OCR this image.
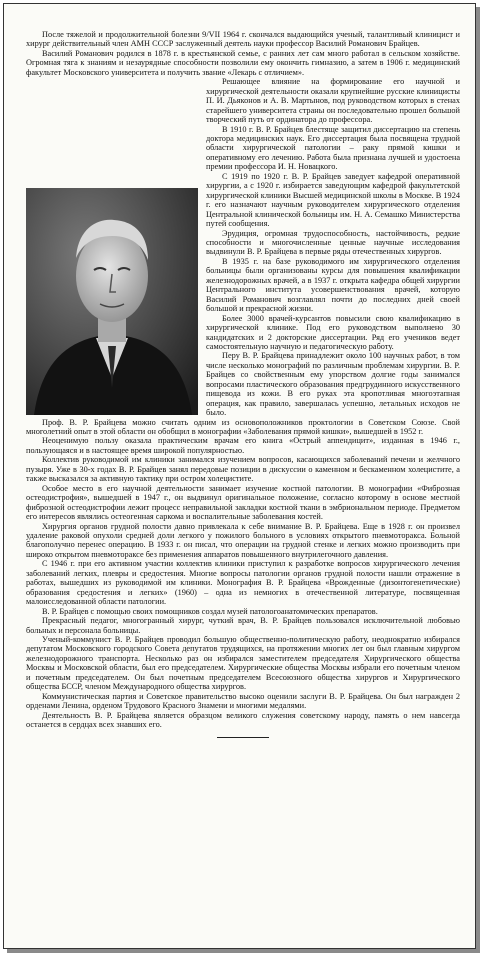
После тяжелой и продолжительной болезни 9/VII 1964 г. скончался выдающийся ученый, талантливый клиницист и хирург действительный член АМН СССР заслуженный деятель науки профессор Василий Романович Брайцев.

Василий Романович родился в 1878 г. в крестьянской семье, с ранних лет сам много работал в сельском хозяйстве. Огромная тяга к знаниям и незаурядные способности позволили ему окончить гимназию, а затем в 1906 г. медицинский факультет Московского университета и получить звание «Лекарь с отличием».

Решающее влияние на формирование его научной и хирургической деятельности оказали крупнейшие русские клиницисты П. И. Дьяконов и А. В. Мартынов, под руководством которых в стенах старейшего университета страны он последовательно прошел большой творческий путь от ординатора до профессора.

В 1910 г. В. Р. Брайцев блестяще защитил диссертацию на степень доктора медицинских наук. Его диссертация была посвящена трудной области хирургической патологии – раку прямой кишки и оперативному его лечению. Работа была признана лучшей и удостоена премии профессора И. Н. Новацкого.

С 1919 по 1920 г. В. Р. Брайцев заведует кафедрой оперативной хирургии, а с 1920 г. избирается заведующим кафедрой факультетской хирургической клиники Высшей медицинской школы в Москве. В 1924 г. его назначают научным руководителем хирургического отделения Центральной клинической больницы им. Н. А. Семашко Министерства путей сообщения.

Эрудиция, огромная трудоспособность, настойчивость, редкие способности и многочисленные ценные научные исследования выдвинули В. Р. Брайцева в первые ряды отечественных хирургов.

В 1935 г. на базе руководимого им хирургического отделения больницы были организованы курсы для повышения квалификации железнодорожных врачей, а в 1937 г. открыта кафедра общей хирургии Центрального института усовершенствования врачей, которую Василий Романович возглавлял почти до последних дней своей большой и прекрасной жизни.

Более 3000 врачей-курсантов повысили свою квалификацию в хирургической клинике. Под его руководством выполнено 30 кандидатских и 2 докторские диссертации. Ряд его учеников ведет самостоятельную научную и педагогическую работу.

Перу В. Р. Брайцева принадлежит около 100 научных работ, в том числе несколько монографий по различным проблемам хирургии. В. Р. Брайцев со свойственным ему упорством долгие годы занимался вопросами пластического образования предгрудинного искусственного пищевода из кожи. В его руках эта кропотливая многоэтапная операция, как правило, завершалась успешно, летальных исходов не было.

Проф. В. Р. Брайцева можно считать одним из основоположников проктологии в Советском Союзе. Свой многолетний опыт в этой области он обобщил в монографии «Заболевания прямой кишки», вышедшей в 1952 г.

Неоценимую пользу оказала практическим врачам его книга «Острый аппендицит», изданная в 1946 г., пользующаяся и в настоящее время широкой популярностью.

Коллектив руководимой им клиники занимался изучением вопросов, касающихся заболеваний печени и желчного пузыря. Уже в 30-х годах В. Р. Брайцев занял передовые позиции в дискуссии о каменном и бескаменном холецистите, а также высказался за активную тактику при остром холецистите.

Особое место в его научной деятельности занимает изучение костной патологии. В монографии «Фиброзная остеодистрофия», вышедшей в 1947 г., он выдвинул оригинальное положение, согласно которому в основе местной фиброзной остеодистрофии лежит процесс неправильной закладки костной ткани в эмбриональном периоде. Предметом его интересов являлись остеогенная саркома и воспалительные заболевания костей.

Хирургия органов грудной полости давно привлекала к себе внимание В. Р. Брайцева. Еще в 1928 г. он произвел удаление раковой опухоли средней доли легкого у пожилого больного в условиях открытого пневмоторакса. Больной благополучно перенес операцию. В 1933 г. он писал, что операции на грудной стенке и легких можно производить при широко открытом пневмотораксе без применения аппаратов повышенного внутрилегочного давления.

С 1946 г. при его активном участии коллектив клиники приступил к разработке вопросов хирургического лечения заболеваний легких, плевры и средостения. Многие вопросы патологии органов грудной полости нашли отражение в работах, вышедших из руководимой им клиники. Монография В. Р. Брайцева «Врожденные (дизонтогенетические) образования средостения и легких» (1960) – одна из немногих в отечественной литературе, посвященная малоисследованной области патологии.

В. Р. Брайцев с помощью своих помощников создал музей патологоанатомических препаратов.

Прекрасный педагог, многогранный хирург, чуткий врач, В. Р. Брайцев пользовался исключительной любовью больных и персонала больницы.

Ученый-коммунист В. Р. Брайцев проводил большую общественно-политическую работу, неоднократно избирался депутатом Московского городского Совета депутатов трудящихся, на протяжении многих лет он был главным хирургом железнодорожного транспорта. Несколько раз он избирался заместителем председателя Хирургического общества Москвы и Московской области, был его председателем. Хирургические общества Москвы избрали его почетным членом и почетным председателем. Он был почетным председателем Всесоюзного общества хирургов и Хирургического общества БССР, членом Международного общества хирургов.

Коммунистическая партия и Советское правительство высоко оценили заслуги В. Р. Брайцева. Он был награжден 2 орденами Ленина, орденом Трудового Красного Знамени и многими медалями.

Деятельность В. Р. Брайцева является образцом великого служения советскому народу, память о нем навсегда останется в сердцах всех знавших его.
